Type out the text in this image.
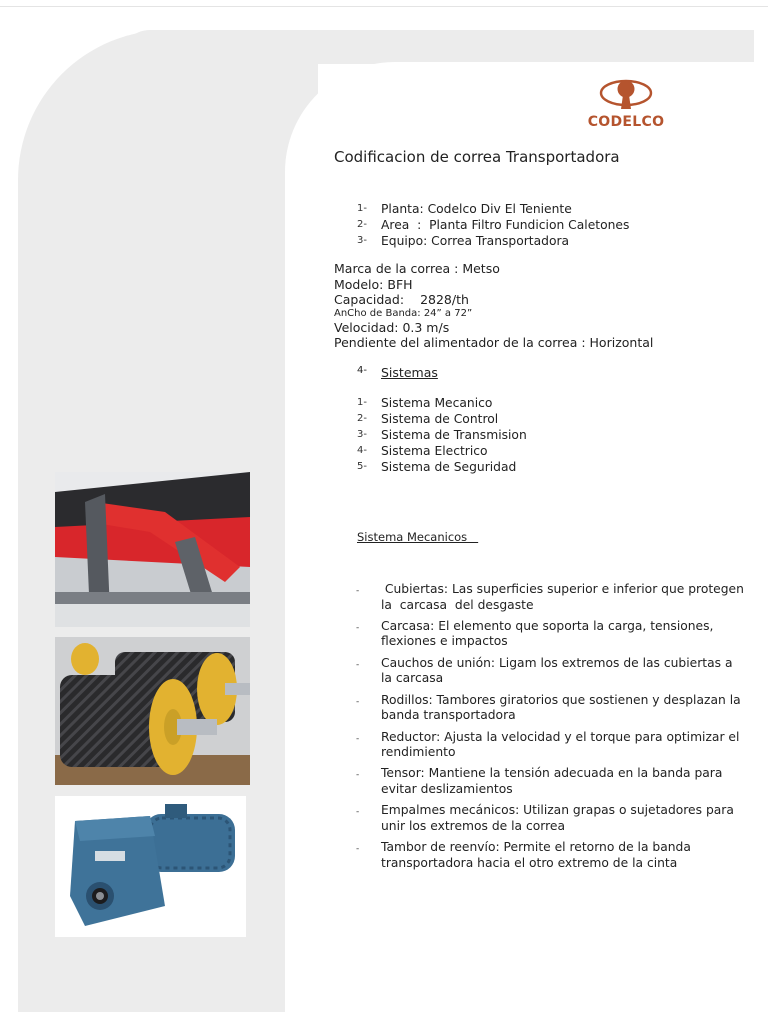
CODELCO
Codificacion de correa Transportadora
1-	Planta: Codelco Div El Teniente
2-	Area  :  Planta Filtro Fundicion Caletones
3-	Equipo: Correa Transportadora
Marca de la correa : Metso
Modelo: BFH
Capacidad: 2828/th
AnCho de Banda: 24” a 72”
Velocidad: 0.3 m/s
Pendiente del alimentador de la correa : Horizontal
4-	Sistemas
1-	Sistema Mecanico
2-	Sistema de Control
3-	Sistema de Transmision
4-	Sistema Electrico
5-	Sistema de Seguridad
Sistema Mecanicos
-	Cubiertas: Las superficies superior e inferior que protegen la  carcasa  del desgaste
-	Carcasa: El elemento que soporta la carga, tensiones, flexiones e impactos
-	Cauchos de unión: Ligam los extremos de las cubiertas a la carcasa
-	Rodillos: Tambores giratorios que sostienen y desplazan la banda transportadora
-	Reductor: Ajusta la velocidad y el torque para optimizar el rendimiento
-	Tensor: Mantiene la tensión adecuada en la banda para evitar deslizamientos
-	Empalmes mecánicos: Utilizan grapas o sujetadores para unir los extremos de la correa
-	Tambor de reenvío: Permite el retorno de la banda transportadora hacia el otro extremo de la cinta
